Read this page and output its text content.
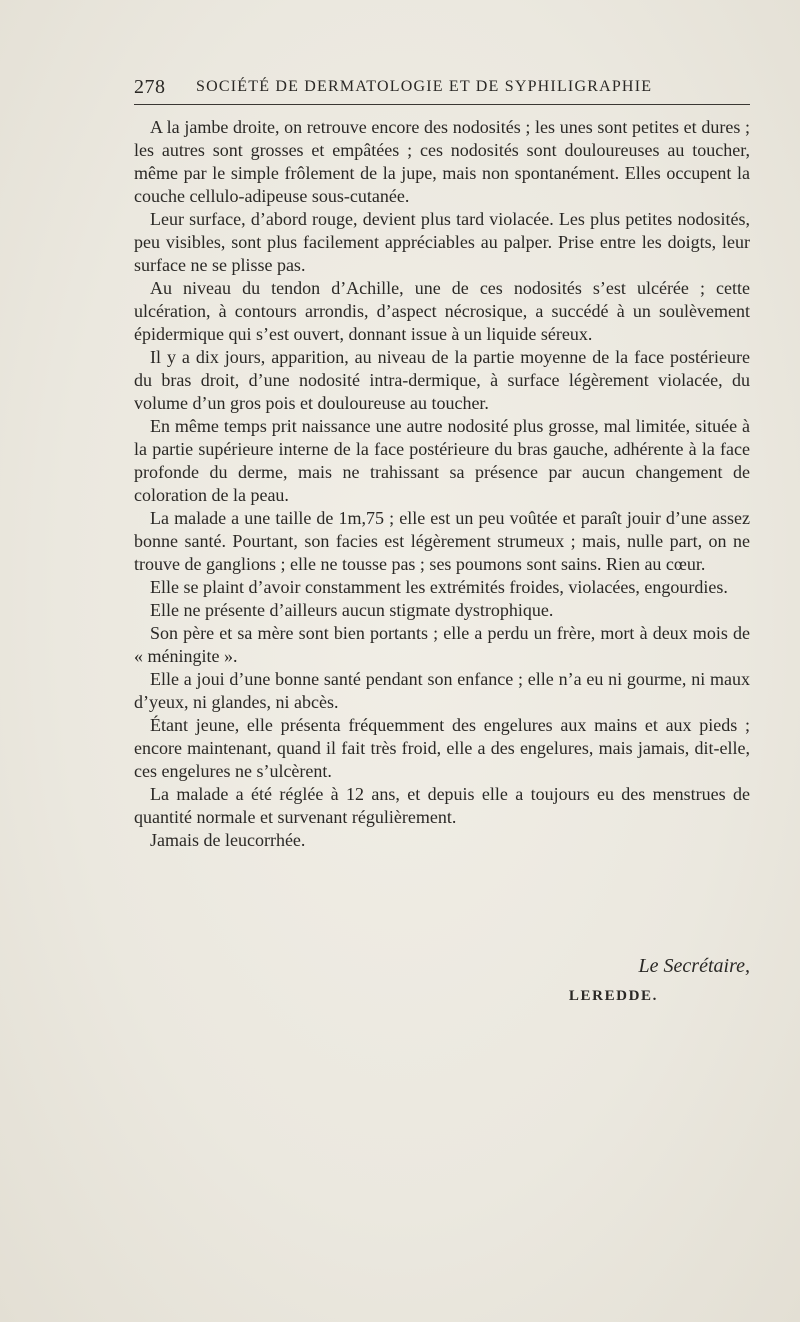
278 SOCIÉTÉ DE DERMATOLOGIE ET DE SYPHILIGRAPHIE

A la jambe droite, on retrouve encore des nodosités ; les unes sont petites et dures ; les autres sont grosses et empâtées ; ces nodosités sont douloureuses au toucher, même par le simple frôlement de la jupe, mais non spontanément. Elles occupent la couche cellulo-adipeuse sous-cutanée.

Leur surface, d’abord rouge, devient plus tard violacée. Les plus petites nodosités, peu visibles, sont plus facilement appréciables au palper. Prise entre les doigts, leur surface ne se plisse pas.

Au niveau du tendon d’Achille, une de ces nodosités s’est ulcérée ; cette ulcération, à contours arrondis, d’aspect nécrosique, a succédé à un soulèvement épidermique qui s’est ouvert, donnant issue à un liquide séreux.

Il y a dix jours, apparition, au niveau de la partie moyenne de la face postérieure du bras droit, d’une nodosité intra-dermique, à surface légèrement violacée, du volume d’un gros pois et douloureuse au toucher.

En même temps prit naissance une autre nodosité plus grosse, mal limitée, située à la partie supérieure interne de la face postérieure du bras gauche, adhérente à la face profonde du derme, mais ne trahissant sa présence par aucun changement de coloration de la peau.

La malade a une taille de 1m,75 ; elle est un peu voûtée et paraît jouir d’une assez bonne santé. Pourtant, son facies est légèrement strumeux ; mais, nulle part, on ne trouve de ganglions ; elle ne tousse pas ; ses poumons sont sains. Rien au cœur.

Elle se plaint d’avoir constamment les extrémités froides, violacées, engourdies.

Elle ne présente d’ailleurs aucun stigmate dystrophique.

Son père et sa mère sont bien portants ; elle a perdu un frère, mort à deux mois de « méningite ».

Elle a joui d’une bonne santé pendant son enfance ; elle n’a eu ni gourme, ni maux d’yeux, ni glandes, ni abcès.

Étant jeune, elle présenta fréquemment des engelures aux mains et aux pieds ; encore maintenant, quand il fait très froid, elle a des engelures, mais jamais, dit-elle, ces engelures ne s’ulcèrent.

La malade a été réglée à 12 ans, et depuis elle a toujours eu des menstrues de quantité normale et survenant régulièrement.

Jamais de leucorrhée.

Le Secrétaire,
LEREDDE.
